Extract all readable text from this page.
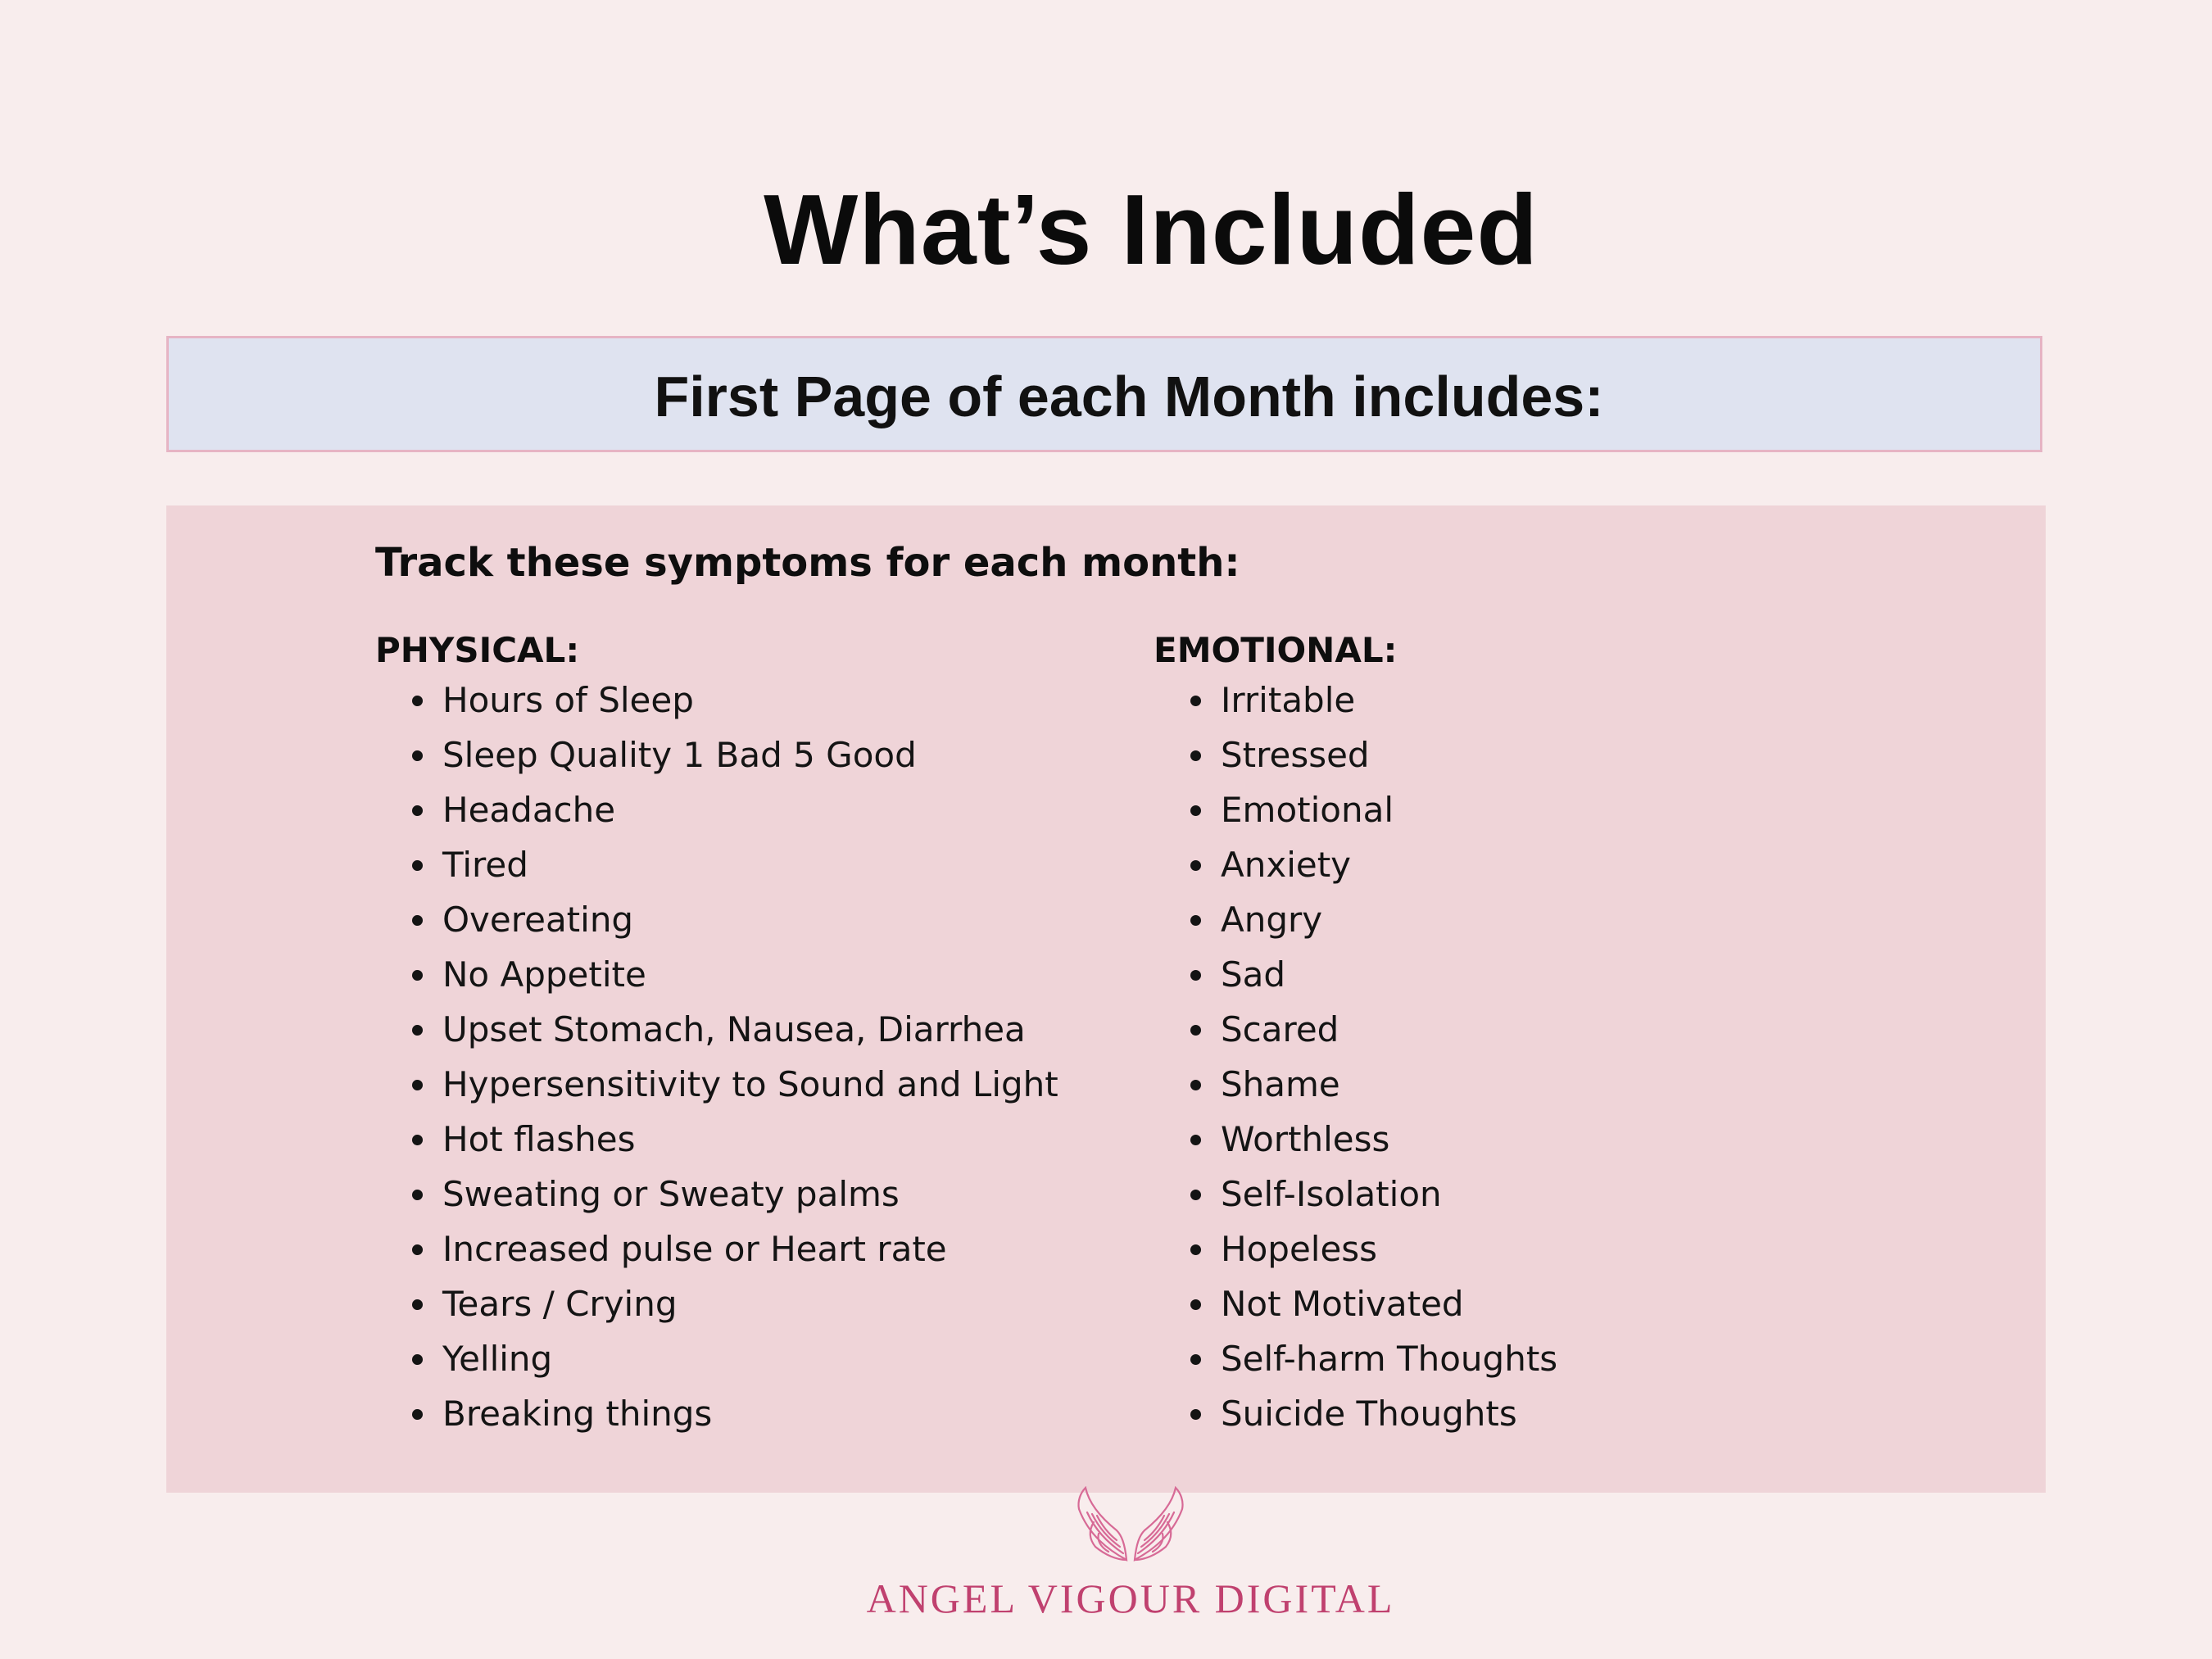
What’s Included
First Page of each Month includes:
Track these symptoms for each month:
PHYSICAL:
Hours of Sleep
Sleep Quality 1 Bad 5 Good
Headache
Tired
Overeating
No Appetite
Upset Stomach, Nausea, Diarrhea
Hypersensitivity to Sound and Light
Hot flashes
Sweating or Sweaty palms
Increased pulse or Heart rate
Tears / Crying
Yelling
Breaking things
EMOTIONAL:
Irritable
Stressed
Emotional
Anxiety
Angry
Sad
Scared
Shame
Worthless
Self-Isolation
Hopeless
Not Motivated
Self-harm Thoughts
Suicide Thoughts
ANGEL VIGOUR DIGITAL
